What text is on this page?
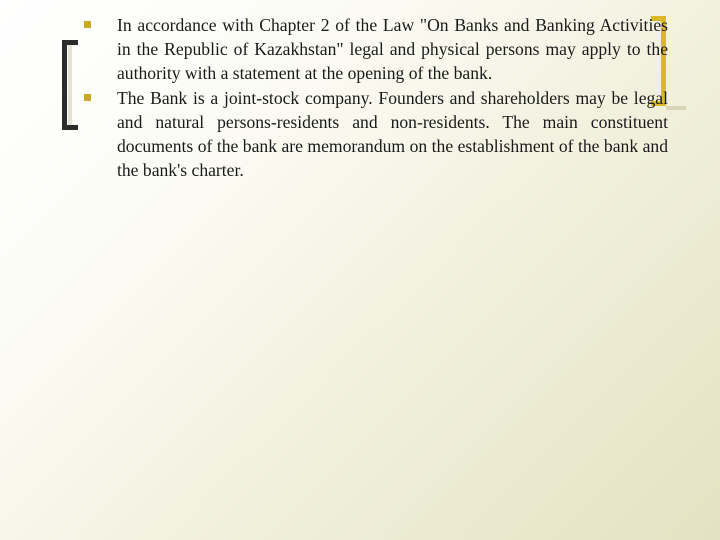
In accordance with Chapter 2 of the Law "On Banks and Banking Activities in the Republic of Kazakhstan" legal and physical persons may apply to the authority with a statement at the opening of the bank.
The Bank is a joint-stock company. Founders and shareholders may be legal and natural persons-residents and non-residents. The main constituent documents of the bank are memorandum on the establishment of the bank and the bank's charter.
